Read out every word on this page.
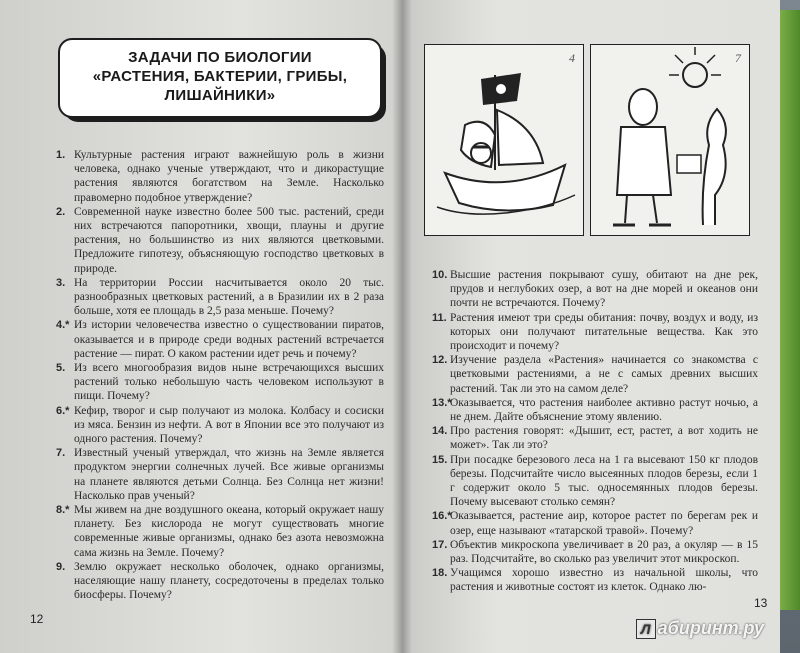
ЗАДАЧИ ПО БИОЛОГИИ
«РАСТЕНИЯ, БАКТЕРИИ, ГРИБЫ,
ЛИШАЙНИКИ»
1. Культурные растения играют важнейшую роль в жизни человека, однако ученые утверждают, что и дикорастущие растения являются богатством на Земле. Насколько правомерно подобное утверждение?
2. Современной науке известно более 500 тыс. растений, среди них встречаются папоротники, хвощи, плауны и другие растения, но большинство из них являются цветковыми. Предложите гипотезу, объясняющую господство цветковых в природе.
3. На территории России насчитывается около 20 тыс. разнообразных цветковых растений, а в Бразилии их в 2 раза больше, хотя ее площадь в 2,5 раза меньше. Почему?
4.* Из истории человечества известно о существовании пиратов, оказывается и в природе среди водных растений встречается растение — пират. О каком растении идет речь и почему?
5. Из всего многообразия видов ныне встречающихся высших растений только небольшую часть человеком используют в пищи. Почему?
6.* Кефир, творог и сыр получают из молока. Колбасу и сосиски из мяса. Бензин из нефти. А вот в Японии все это получают из одного растения. Почему?
7. Известный ученый утверждал, что жизнь на Земле является продуктом энергии солнечных лучей. Все живые организмы на планете являются детьми Солнца. Без Солнца нет жизни! Насколько прав ученый?
8.* Мы живем на дне воздушного океана, который окружает нашу планету. Без кислорода не могут существовать многие современные живые организмы, однако без азота невозможна сама жизнь на Земле. Почему?
9. Землю окружает несколько оболочек, однако организмы, населяющие нашу планету, сосредоточены в пределах только биосферы. Почему?
12
4	7
10. Высшие растения покрывают сушу, обитают на дне рек, прудов и неглубоких озер, а вот на дне морей и океанов они почти не встречаются. Почему?
11. Растения имеют три среды обитания: почву, воздух и воду, из которых они получают питательные вещества. Как это происходит и почему?
12. Изучение раздела «Растения» начинается со знакомства с цветковыми растениями, а не с самых древних высших растений. Так ли это на самом деле?
13.*
Оказывается, что растения наиболее активно растут ночью, а не днем. Дайте объяснение этому явлению.
14. Про растения говорят: «Дышит, ест, растет, а вот ходить не может». Так ли это?
15. При посадке березового леса на 1 га высевают 150 кг плодов березы. Подсчитайте число высеянных плодов березы, если 1 г содержит около 5 тыс. односемянных плодов березы. Почему высевают столько семян?
16.*
Оказывается, растение аир, которое растет по берегам рек и озер, еще называют «татарской травой». Почему?
17. Объектив микроскопа увеличивает в 20 раз, а окуляр — в 15 раз. Подсчитайте, во сколько раз увеличит этот микроскоп.
18. Учащимся хорошо известно из начальной школы, что растения и животные состоят из клеток. Однако лю-
13
Л абиринт.ру
